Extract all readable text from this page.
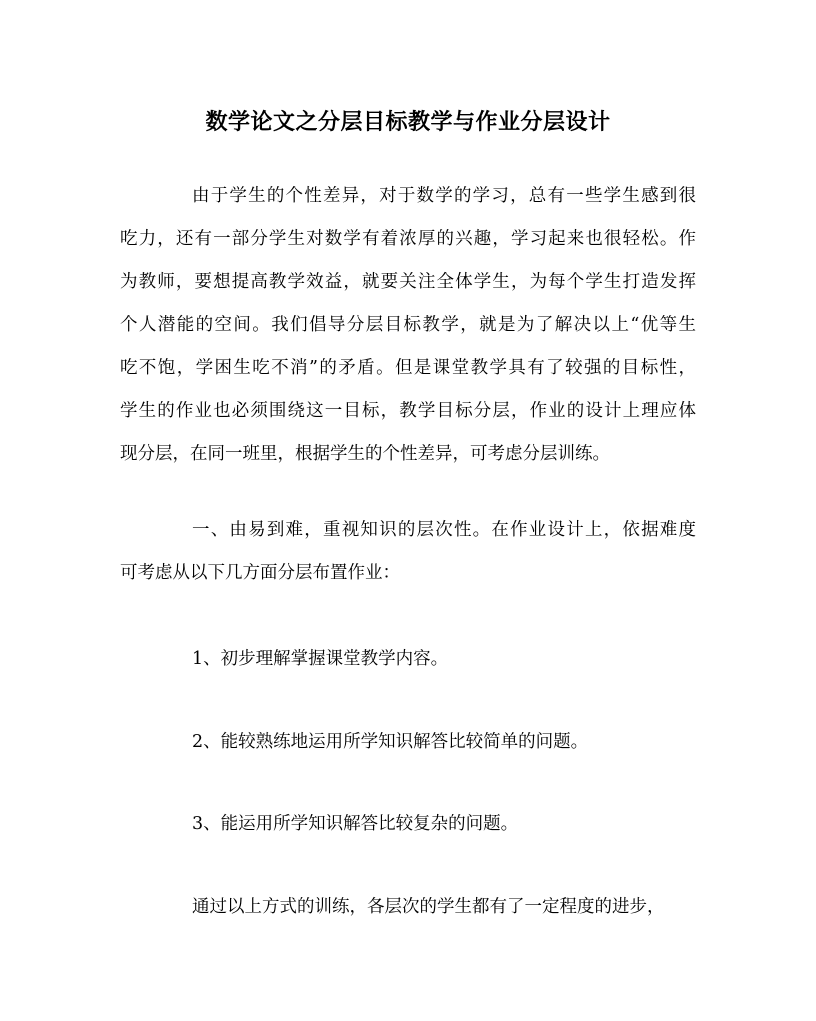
数学论文之分层目标教学与作业分层设计
由于学生的个性差异，对于数学的学习，总有一些学生感到很
吃力，还有一部分学生对数学有着浓厚的兴趣，学习起来也很轻松。作
为教师，要想提高教学效益，就要关注全体学生，为每个学生打造发挥
个人潜能的空间。我们倡导分层目标教学，就是为了解决以上“优等生
吃不饱，学困生吃不消”的矛盾。但是课堂教学具有了较强的目标性，
学生的作业也必须围绕这一目标，教学目标分层，作业的设计上理应体
现分层，在同一班里，根据学生的个性差异，可考虑分层训练。
一、由易到难，重视知识的层次性。在作业设计上，依据难度
可考虑从以下几方面分层布置作业：
1、初步理解掌握课堂教学内容。
2、能较熟练地运用所学知识解答比较简单的问题。
3、能运用所学知识解答比较复杂的问题。
通过以上方式的训练，各层次的学生都有了一定程度的进步，
